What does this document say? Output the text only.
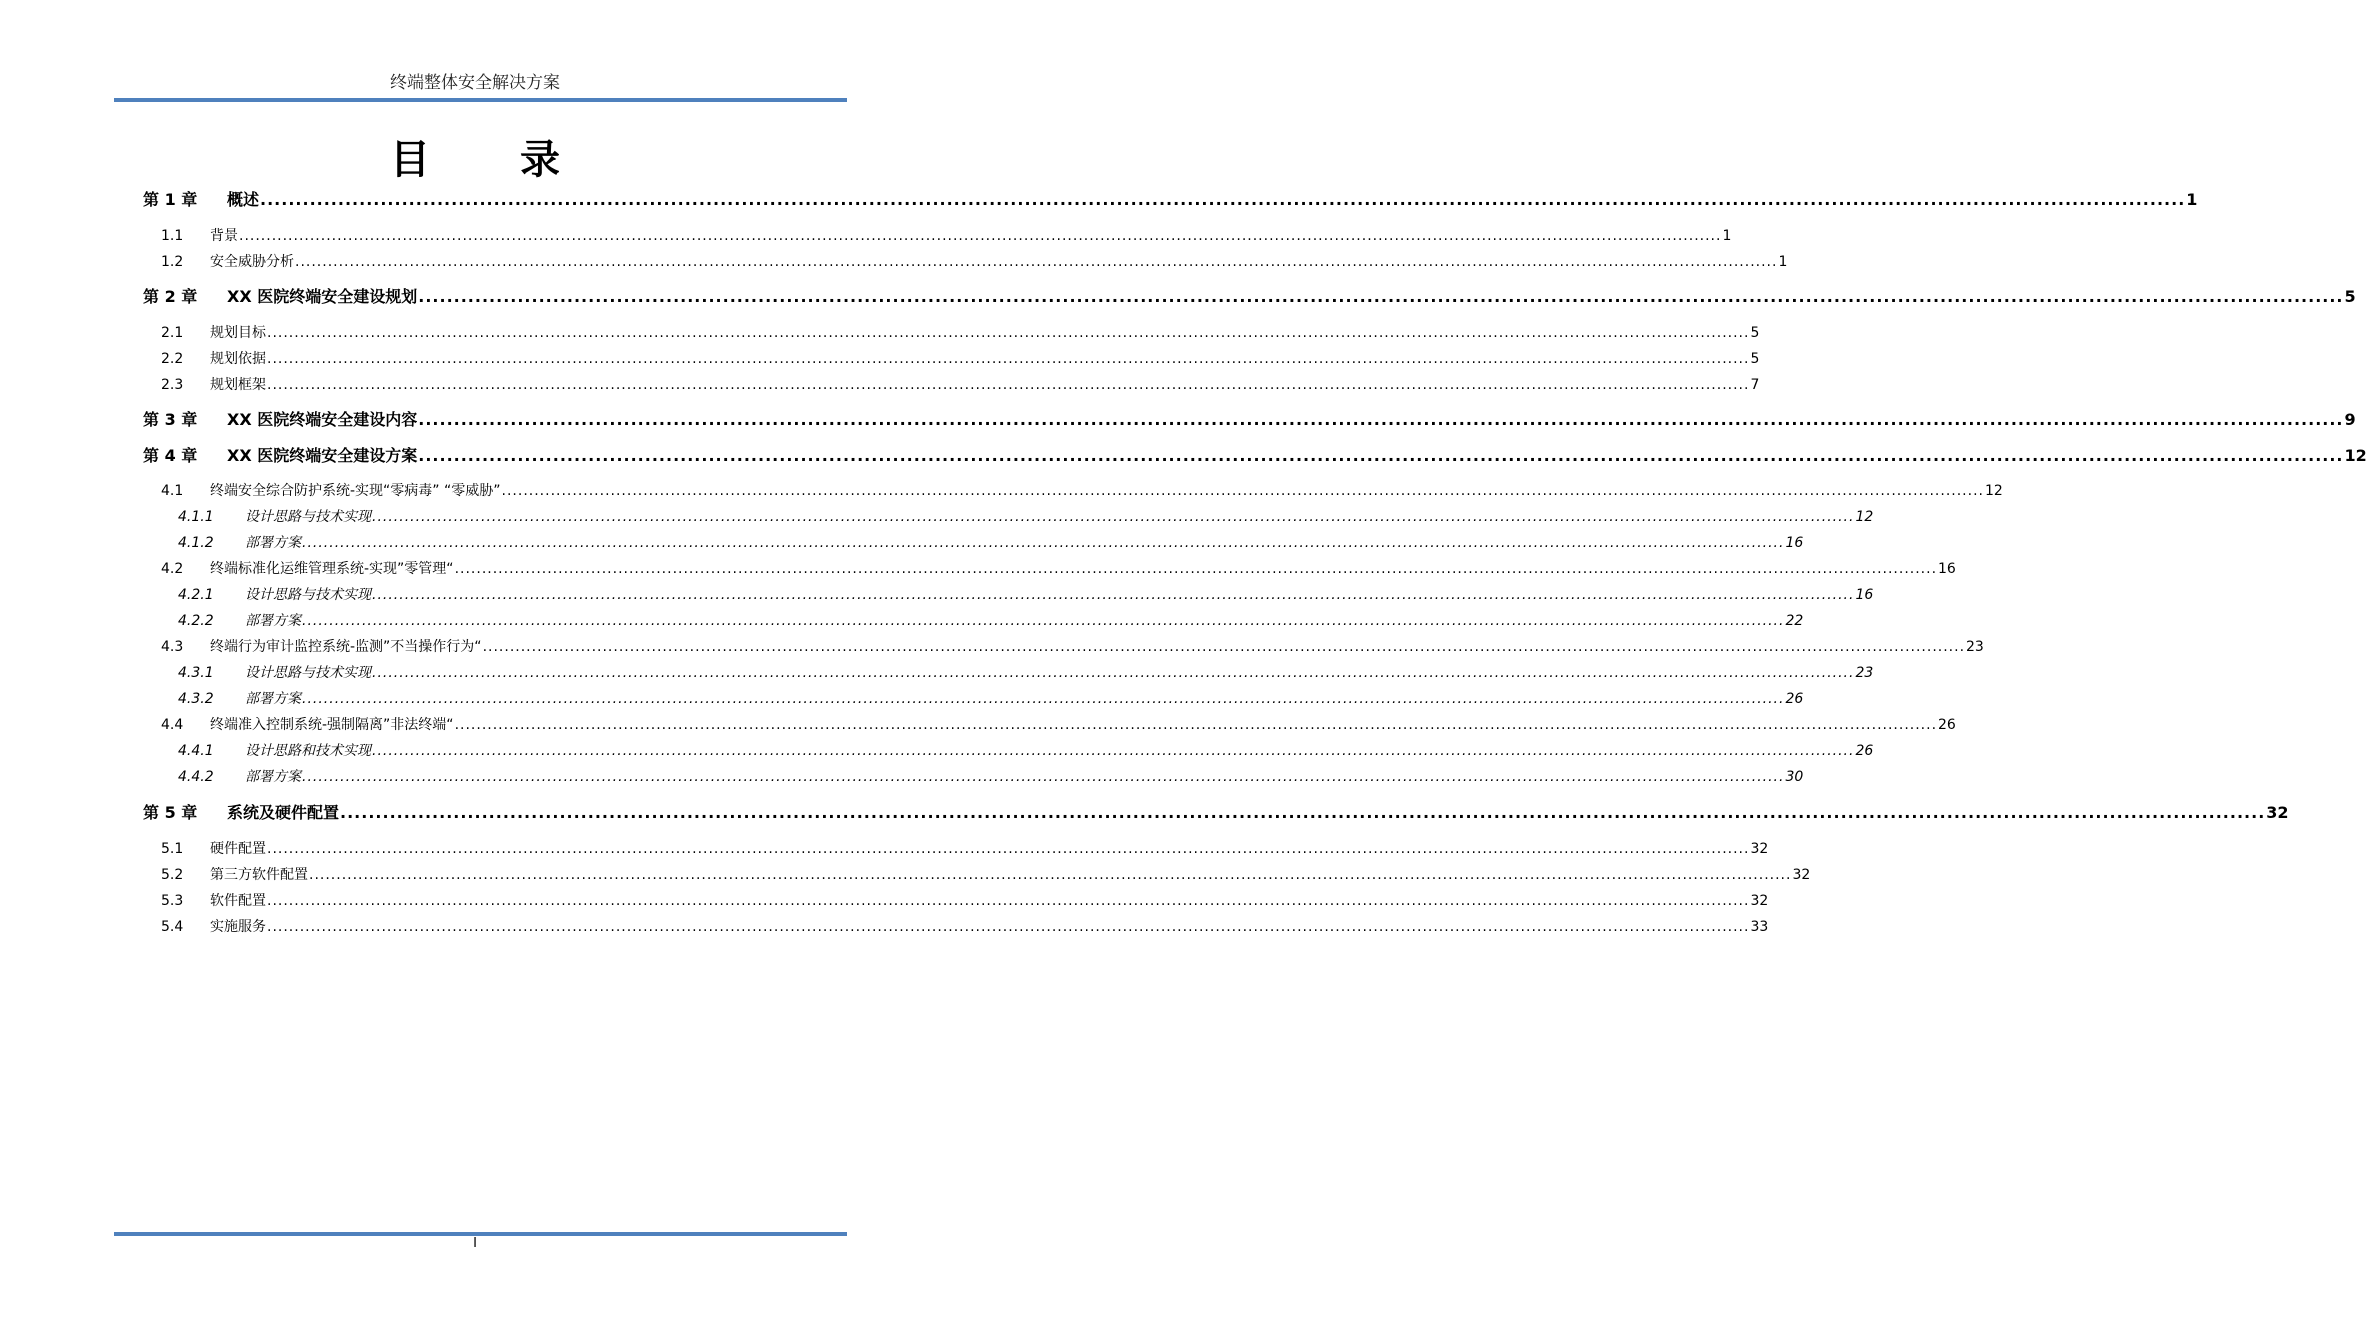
终端整体安全解决方案
目 录
第 1 章	概述 ................................................................................................................................................................................................................................................................................ 1
1.1	背景 ................................................................................................................................................................................................................................................................................ 1
1.2	安全威胁分析 ................................................................................................................................................................................................................................................................................ 1
第 2 章	XX 医院终端安全建设规划 ................................................................................................................................................................................................................................................................................ 5
2.1	规划目标 ................................................................................................................................................................................................................................................................................ 5
2.2	规划依据 ................................................................................................................................................................................................................................................................................ 5
2.3	规划框架 ................................................................................................................................................................................................................................................................................ 7
第 3 章	XX 医院终端安全建设内容 ................................................................................................................................................................................................................................................................................ 9
第 4 章	XX 医院终端安全建设方案 ................................................................................................................................................................................................................................................................................ 12
4.1	终端安全综合防护系统-实现“零病毒” “零威胁” ................................................................................................................................................................................................................................................................................ 12
4.1.1	设计思路与技术实现 ................................................................................................................................................................................................................................................................................ 12
4.1.2	部署方案 ................................................................................................................................................................................................................................................................................ 16
4.2	终端标准化运维管理系统-实现”零管理“ ................................................................................................................................................................................................................................................................................ 16
4.2.1	设计思路与技术实现 ................................................................................................................................................................................................................................................................................ 16
4.2.2	部署方案 ................................................................................................................................................................................................................................................................................ 22
4.3	终端行为审计监控系统-监测”不当操作行为“ ................................................................................................................................................................................................................................................................................ 23
4.3.1	设计思路与技术实现 ................................................................................................................................................................................................................................................................................ 23
4.3.2	部署方案 ................................................................................................................................................................................................................................................................................ 26
4.4	终端准入控制系统-强制隔离”非法终端“ ................................................................................................................................................................................................................................................................................ 26
4.4.1	设计思路和技术实现 ................................................................................................................................................................................................................................................................................ 26
4.4.2	部署方案 ................................................................................................................................................................................................................................................................................ 30
第 5 章	系统及硬件配置 ................................................................................................................................................................................................................................................................................ 32
5.1	硬件配置 ................................................................................................................................................................................................................................................................................ 32
5.2	第三方软件配置 ................................................................................................................................................................................................................................................................................ 32
5.3	软件配置 ................................................................................................................................................................................................................................................................................ 32
5.4	实施服务 ................................................................................................................................................................................................................................................................................ 33
I
